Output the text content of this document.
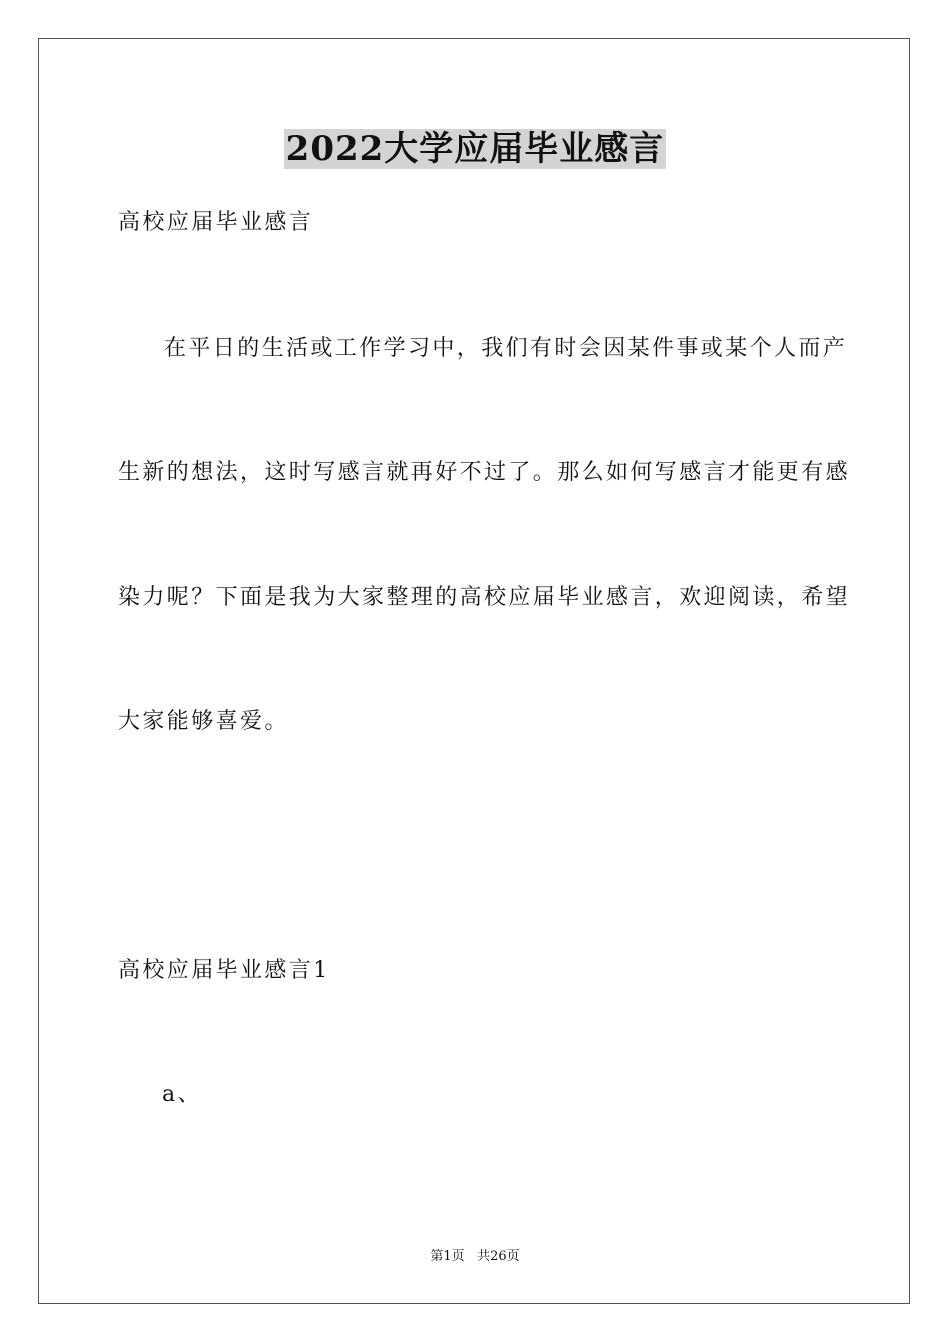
2022大学应届毕业感言
高校应届毕业感言
在平日的生活或工作学习中，我们有时会因某件事或某个人而产
生新的想法，这时写感言就再好不过了。那么如何写感言才能更有感
染力呢？下面是我为大家整理的高校应届毕业感言，欢迎阅读，希望
大家能够喜爱。
高校应届毕业感言1
a、
第1页 共26页
